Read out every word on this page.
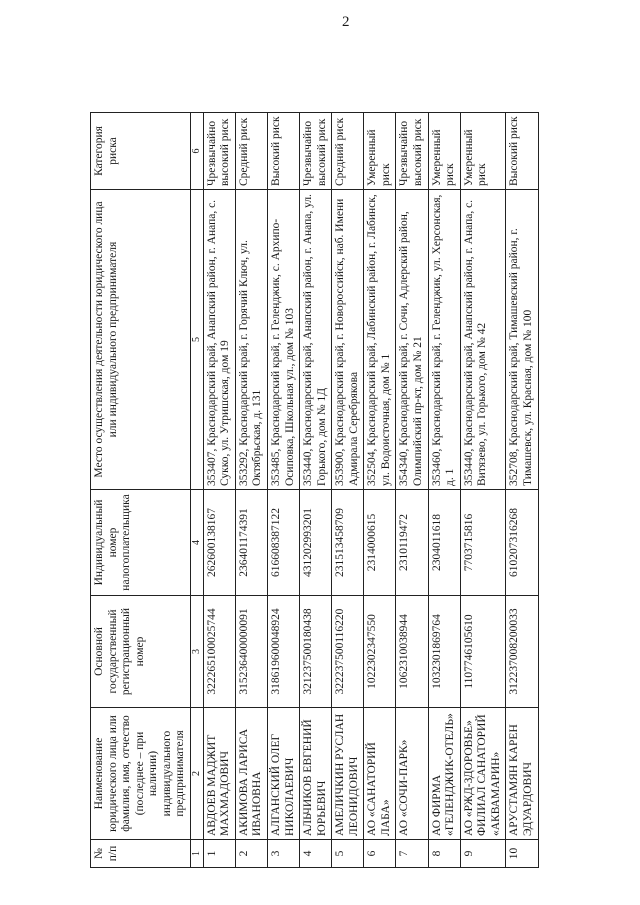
2
№ п/п	Наименование юридического лица или фамилия, имя, отчество (последнее – при наличии) индивидуального предпринимателя	Основной государственный регистрационный номер	Индивидуальный номер налогоплательщика	Место осуществления деятельности юридического лица или индивидуального предпринимателя	Категория риска
1	2	3	4	5	6
1	АВДОЕВ МАДЖИТ МАХМАДОВИЧ	322265100025744	262600138167	353407, Краснодарский край, Анапский район, г. Анапа, с. Сукко, ул. Утришская, дом 19	Чрезвычайно высокий риск
2	АКИМОВА ЛАРИСА ИВАНОВНА	315236400000091	236401174391	353292, Краснодарский край, г. Горячий Ключ, ул. Октябрьская, д. 131	Средний риск
3	АЛГАНСКИЙ ОЛЕГ НИКОЛАЕВИЧ	318619600048924	616608387122	353485, Краснодарский край, г. Геленджик, с. Архипо-Осиповка, Школьная ул., дом № 103	Высокий риск
4	АЛЬЧИКОВ ЕВГЕНИЙ ЮРЬЕВИЧ	321237500180438	431202993201	353440, Краснодарский край, Анапский район, г. Анапа, ул. Горького, дом № 1Д	Чрезвычайно высокий риск
5	АМЕЛИЧКИН РУСЛАН ЛЕОНИДОВИЧ	322237500116220	231513458709	353900, Краснодарский край, г. Новороссийск, наб. Имени Адмирала Серебрякова	Средний риск
6	АО «САНАТОРИЙ ЛАБА»	1022302347550	2314000615	352504, Краснодарский край, Лабинский район, г. Лабинск, ул. Водоисточная, дом № 1	Умеренный риск
7	АО «СОЧИ-ПАРК»	1062310038944	2310119472	354340, Краснодарский край, г. Сочи, Адлерский район, Олимпийский пр-кт, дом № 21	Чрезвычайно высокий риск
8	АО ФИРМА «ГЕЛЕНДЖИК-ОТЕЛЬ»	1032301869764	2304011618	353460, Краснодарский край, г. Геленджик, ул. Херсонская, д. 1	Умеренный риск
9	АО «РЖД-ЗДОРОВЬЕ» ФИЛИАЛ САНАТОРИЙ «АКВАМАРИН»	1107746105610	7703715816	353440, Краснодарский край, Анапский район, г. Анапа, с. Витязево, ул. Горького, дом № 42	Умеренный риск
10	АРУСТАМЯН КАРЕН ЭДУАРДОВИЧ	312237008200033	610207316268	352708, Краснодарский край, Тимашевский район, г. Тимашевск, ул. Красная, дом № 100	Высокий риск
